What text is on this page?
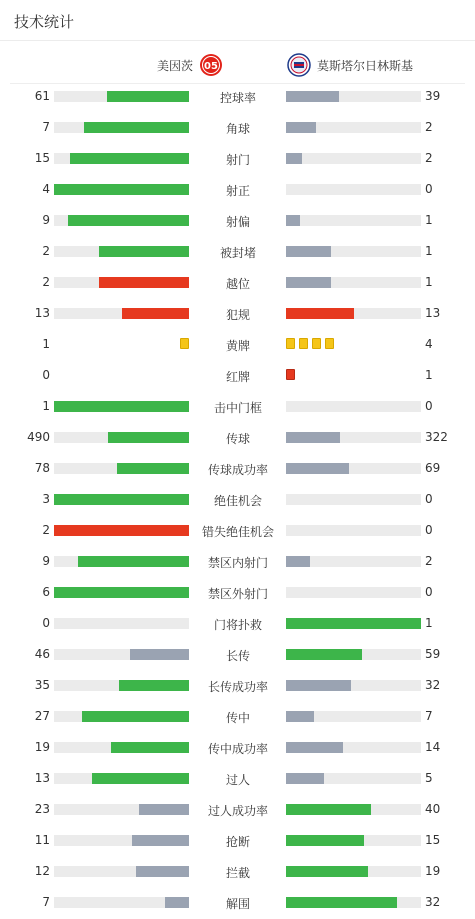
技术统计
美因茨 05	莫斯塔尔日林斯基
61	控球率	39
7	角球	2
15	射门	2
4	射正	0
9	射偏	1
2	被封堵	1
2	越位	1
13	犯规	13
1	黄牌	4
0	红牌	1
1	击中门框	0
490	传球	322
78	传球成功率	69
3	绝佳机会	0
2	错失绝佳机会	0
9	禁区内射门	2
6	禁区外射门	0
0	门将扑救	1
46	长传	59
35	长传成功率	32
27	传中	7
19	传中成功率	14
13	过人	5
23	过人成功率	40
11	抢断	15
12	拦截	19
7	解围	32
